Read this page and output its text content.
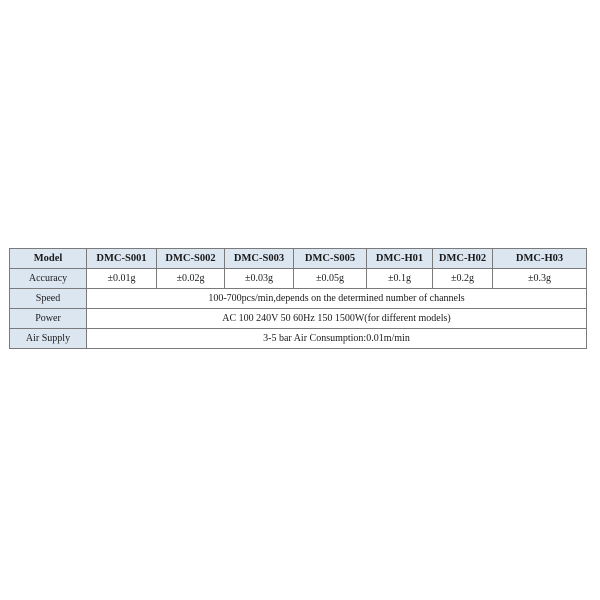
Model	DMC-S001	DMC-S002	DMC-S003	DMC-S005	DMC-H01	DMC-H02	DMC-H03
Accuracy	±0.01g	±0.02g	±0.03g	±0.05g	±0.1g	±0.2g	±0.3g
Speed	100-700pcs/min,depends on the determined number of channels						
Power	AC 100 240V 50 60Hz 150 1500W(for different models)						
Air Supply	3-5 bar Air Consumption:0.01m/min						
